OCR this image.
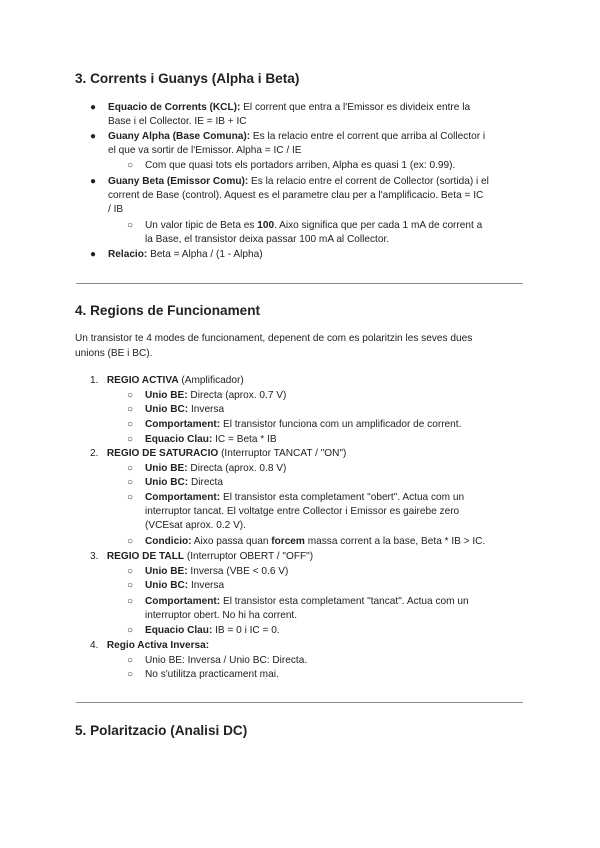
3. Corrents i Guanys (Alpha i Beta)
● Equacio de Corrents (KCL): El corrent que entra a l'Emissor es divideix entre la
Base i el Collector. IE = IB + IC
● Guany Alpha (Base Comuna): Es la relacio entre el corrent que arriba al Collector i
el que va sortir de l'Emissor. Alpha = IC / IE
○ Com que quasi tots els portadors arriben, Alpha es quasi 1 (ex: 0.99).
● Guany Beta (Emissor Comu): Es la relacio entre el corrent de Collector (sortida) i el
corrent de Base (control). Aquest es el parametre clau per a l'amplificacio. Beta = IC
/ IB
○ Un valor tipic de Beta es 100. Aixo significa que per cada 1 mA de corrent a
la Base, el transistor deixa passar 100 mA al Collector.
● Relacio: Beta = Alpha / (1 - Alpha)
4. Regions de Funcionament
Un transistor te 4 modes de funcionament, depenent de com es polaritzin les seves dues
unions (BE i BC).
1. REGIO ACTIVA (Amplificador)
○ Unio BE: Directa (aprox. 0.7 V)
○ Unio BC: Inversa
○ Comportament: El transistor funciona com un amplificador de corrent.
○ Equacio Clau: IC = Beta * IB
2. REGIO DE SATURACIO (Interruptor TANCAT / "ON")
○ Unio BE: Directa (aprox. 0.8 V)
○ Unio BC: Directa
○ Comportament: El transistor esta completament "obert". Actua com un
interruptor tancat. El voltatge entre Collector i Emissor es gairebe zero
(VCEsat aprox. 0.2 V).
○ Condicio: Aixo passa quan forcem massa corrent a la base, Beta * IB > IC.
3. REGIO DE TALL (Interruptor OBERT / "OFF")
○ Unio BE: Inversa (VBE < 0.6 V)
○ Unio BC: Inversa
○ Comportament: El transistor esta completament "tancat". Actua com un
interruptor obert. No hi ha corrent.
○ Equacio Clau: IB = 0 i IC = 0.
4. Regio Activa Inversa:
○ Unio BE: Inversa / Unio BC: Directa.
○ No s'utilitza practicament mai.
5. Polaritzacio (Analisi DC)
